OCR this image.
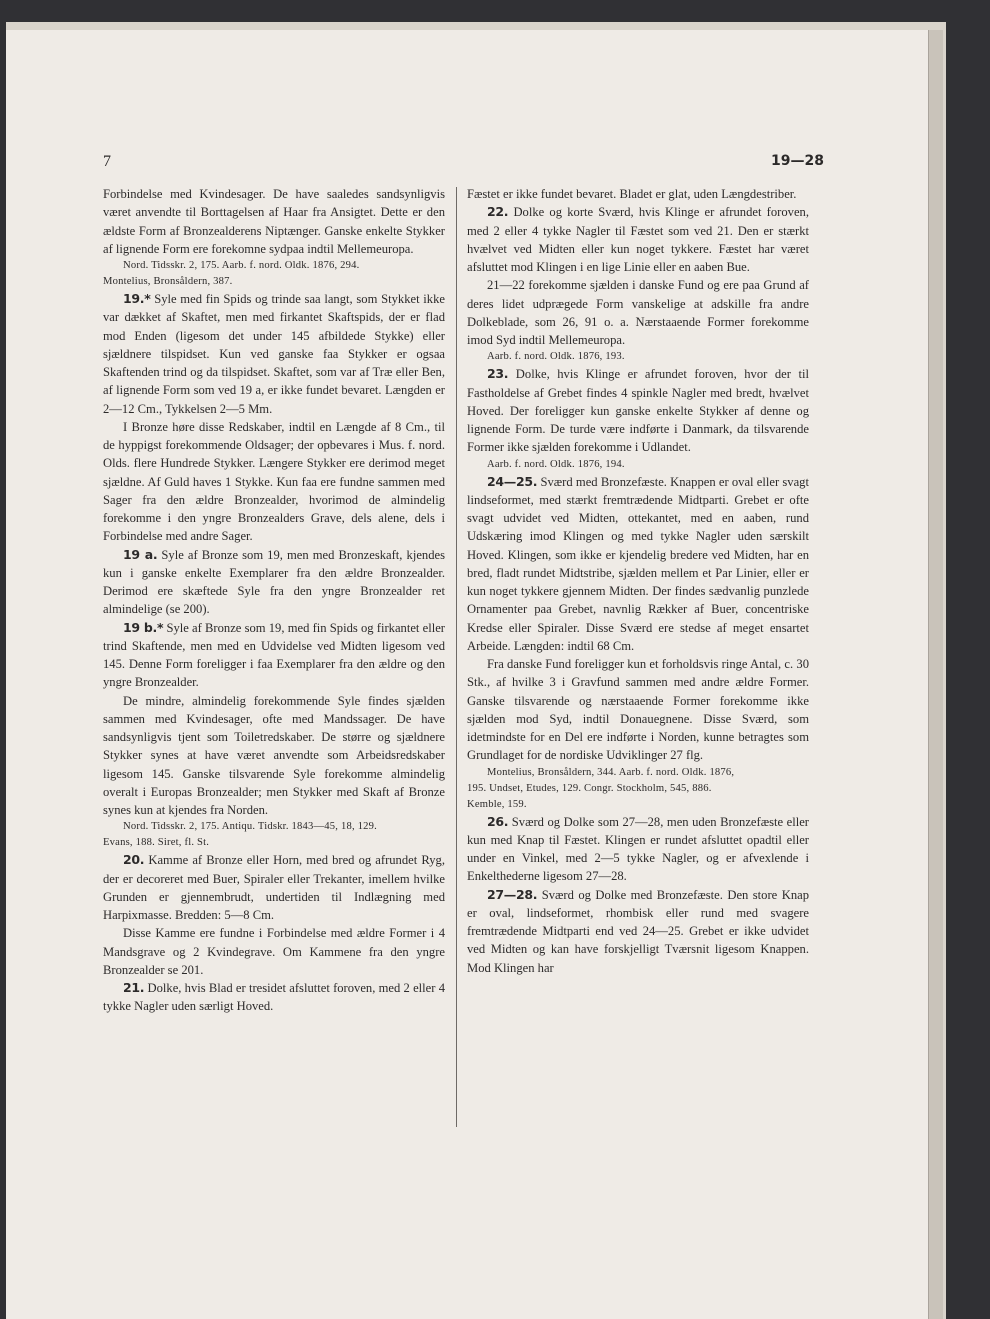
7	19—28

Forbindelse med Kvindesager. De have saaledes sandsynligvis været anvendte til Borttagelsen af Haar fra Ansigtet. Dette er den ældste Form af Bronzealderens Niptænger. Ganske enkelte Stykker af lignende Form ere forekomne sydpaa indtil Mellemeuropa.

Nord. Tidsskr. 2, 175. Aarb. f. nord. Oldk. 1876, 294.

Montelius, Bronsåldern, 387.

19.* Syle med fin Spids og trinde saa langt, som Stykket ikke var dækket af Skaftet, men med firkantet Skaftspids, der er flad mod Enden (ligesom det under 145 afbildede Stykke) eller sjældnere tilspidset. Kun ved ganske faa Stykker er ogsaa Skaftenden trind og da tilspidset. Skaftet, som var af Træ eller Ben, af lignende Form som ved 19 a, er ikke fundet bevaret. Længden er 2—12 Cm., Tykkelsen 2—5 Mm.

I Bronze høre disse Redskaber, indtil en Længde af 8 Cm., til de hyppigst forekommende Oldsager; der opbevares i Mus. f. nord. Olds. flere Hundrede Stykker. Længere Stykker ere derimod meget sjældne. Af Guld haves 1 Stykke. Kun faa ere fundne sammen med Sager fra den ældre Bronzealder, hvorimod de almindelig forekomme i den yngre Bronzealders Grave, dels alene, dels i Forbindelse med andre Sager.

19 a. Syle af Bronze som 19, men med Bronzeskaft, kjendes kun i ganske enkelte Exemplarer fra den ældre Bronzealder. Derimod ere skæftede Syle fra den yngre Bronzealder ret almindelige (se 200).

19 b.* Syle af Bronze som 19, med fin Spids og firkantet eller trind Skaftende, men med en Udvidelse ved Midten ligesom ved 145. Denne Form foreligger i faa Exemplarer fra den ældre og den yngre Bronzealder.

De mindre, almindelig forekommende Syle findes sjælden sammen med Kvindesager, ofte med Mandssager. De have sandsynligvis tjent som Toiletredskaber. De større og sjældnere Stykker synes at have været anvendte som Arbeidsredskaber ligesom 145. Ganske tilsvarende Syle forekomme almindelig overalt i Europas Bronzealder; men Stykker med Skaft af Bronze synes kun at kjendes fra Norden.

Nord. Tidsskr. 2, 175. Antiqu. Tidskr. 1843—45, 18, 129.

Evans, 188. Siret, fl. St.

20. Kamme af Bronze eller Horn, med bred og afrundet Ryg, der er decoreret med Buer, Spiraler eller Trekanter, imellem hvilke Grunden er gjennembrudt, undertiden til Indlægning med Harpixmasse. Bredden: 5—8 Cm.

Disse Kamme ere fundne i Forbindelse med ældre Former i 4 Mandsgrave og 2 Kvindegrave. Om Kammene fra den yngre Bronzealder se 201.

21. Dolke, hvis Blad er tresidet afsluttet foroven, med 2 eller 4 tykke Nagler uden særligt Hoved.

Fæstet er ikke fundet bevaret. Bladet er glat, uden Længdestriber.

22. Dolke og korte Sværd, hvis Klinge er afrundet foroven, med 2 eller 4 tykke Nagler til Fæstet som ved 21. Den er stærkt hvælvet ved Midten eller kun noget tykkere. Fæstet har været afsluttet mod Klingen i en lige Linie eller en aaben Bue.

21—22 forekomme sjælden i danske Fund og ere paa Grund af deres lidet udprægede Form vanskelige at adskille fra andre Dolkeblade, som 26, 91 o. a. Nærstaaende Former forekomme imod Syd indtil Mellemeuropa.

Aarb. f. nord. Oldk. 1876, 193.

23. Dolke, hvis Klinge er afrundet foroven, hvor der til Fastholdelse af Grebet findes 4 spinkle Nagler med bredt, hvælvet Hoved. Der foreligger kun ganske enkelte Stykker af denne og lignende Form. De turde være indførte i Danmark, da tilsvarende Former ikke sjælden forekomme i Udlandet.

Aarb. f. nord. Oldk. 1876, 194.

24—25. Sværd med Bronzefæste. Knappen er oval eller svagt lindseformet, med stærkt fremtrædende Midtparti. Grebet er ofte svagt udvidet ved Midten, ottekantet, med en aaben, rund Udskæring imod Klingen og med tykke Nagler uden særskilt Hoved. Klingen, som ikke er kjendelig bredere ved Midten, har en bred, fladt rundet Midtstribe, sjælden mellem et Par Linier, eller er kun noget tykkere gjennem Midten. Der findes sædvanlig punzlede Ornamenter paa Grebet, navnlig Rækker af Buer, concentriske Kredse eller Spiraler. Disse Sværd ere stedse af meget ensartet Arbeide. Længden: indtil 68 Cm.

Fra danske Fund foreligger kun et forholdsvis ringe Antal, c. 30 Stk., af hvilke 3 i Gravfund sammen med andre ældre Former. Ganske tilsvarende og nærstaaende Former forekomme ikke sjælden mod Syd, indtil Donauegnene. Disse Sværd, som idetmindste for en Del ere indførte i Norden, kunne betragtes som Grundlaget for de nordiske Udviklinger 27 flg.

Montelius, Bronsåldern, 344. Aarb. f. nord. Oldk. 1876,

195. Undset, Etudes, 129. Congr. Stockholm, 545, 886.

Kemble, 159.

26. Sværd og Dolke som 27—28, men uden Bronzefæste eller kun med Knap til Fæstet. Klingen er rundet afsluttet opadtil eller under en Vinkel, med 2—5 tykke Nagler, og er afvexlende i Enkelthederne ligesom 27—28.

27—28. Sværd og Dolke med Bronzefæste. Den store Knap er oval, lindseformet, rhombisk eller rund med svagere fremtrædende Midtparti end ved 24—25. Grebet er ikke udvidet ved Midten og kan have forskjelligt Tværsnit ligesom Knappen. Mod Klingen har
